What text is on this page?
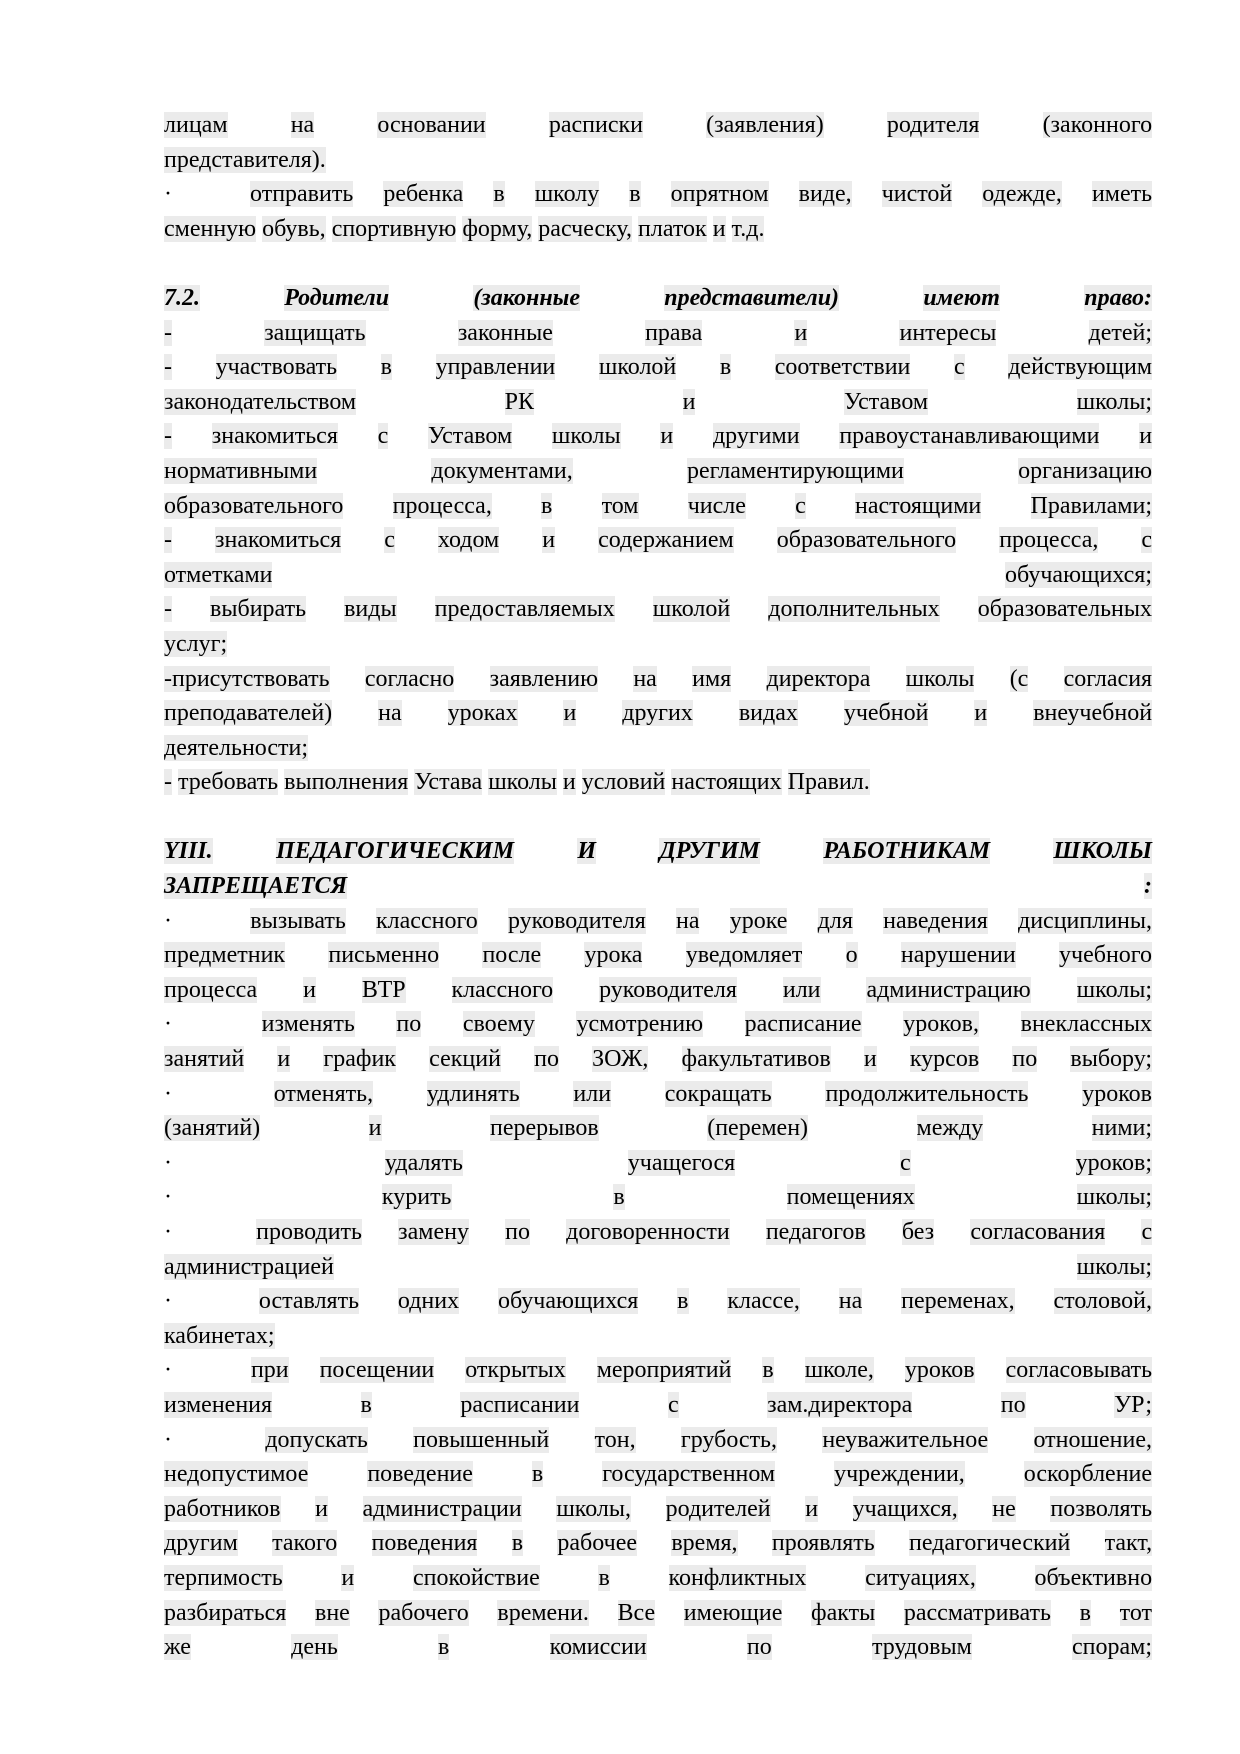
лицам	на	основании	расписки	(заявления)	родителя	(законного
представителя).
·	отправить ребенка в школу в опрятном виде, чистой одежде, иметь
сменную обувь, спортивную форму, расческу, платок и т.д.
7.2.	Родители	(законные	представители)	имеют	право:
-	защищать	законные	права	и	интересы	детей;
- участвовать в управлении школой в соответствии с действующим
законодательством	РК	и	Уставом	школы;
- знакомиться с Уставом школы и другими правоустанавливающими и
нормативными	документами,	регламентирующими	организацию
образовательного процесса, в том числе с настоящими Правилами;
- знакомиться с ходом и содержанием образовательного процесса, с
отметками	обучающихся;
- выбирать виды предоставляемых школой дополнительных образовательных
услуг;
-присутствовать согласно заявлению на имя директора школы (с согласия
преподавателей) на уроках и других видах учебной и внеучебной
деятельности;
- требовать выполнения Устава школы и условий настоящих Правил.
YIII.	ПЕДАГОГИЧЕСКИМ	И	ДРУГИМ	РАБОТНИКАМ	ШКОЛЫ
ЗАПРЕЩАЕТСЯ	:
·	вызывать классного руководителя на уроке для наведения дисциплины,
предметник письменно после урока уведомляет о нарушении учебного
процесса и ВТР классного руководителя или администрацию школы;
·	изменять по своему усмотрению расписание уроков, внеклассных
занятий и график секций по ЗОЖ, факультативов и курсов по выбору;
·	отменять, удлинять или сокращать продолжительность уроков
(занятий)	и	перерывов	(перемен)	между	ними;
·	удалять	учащегося	с	уроков;
·	курить	в	помещениях	школы;
·	проводить замену по договоренности педагогов без согласования с
администрацией	школы;
·	оставлять одних обучающихся в классе, на переменах, столовой,
кабинетах;
·	при посещении открытых мероприятий в школе, уроков согласовывать
изменения	в	расписании	с	зам.директора	по	УР;
·	допускать повышенный тон, грубость, неуважительное отношение,
недопустимое поведение в государственном учреждении, оскорбление
работников и администрации школы, родителей и учащихся, не позволять
другим такого поведения в рабочее время, проявлять педагогический такт,
терпимость и спокойствие в конфликтных ситуациях, объективно
разбираться вне рабочего времени. Все имеющие факты рассматривать в тот
же	день	в	комиссии	по	трудовым	спорам;
